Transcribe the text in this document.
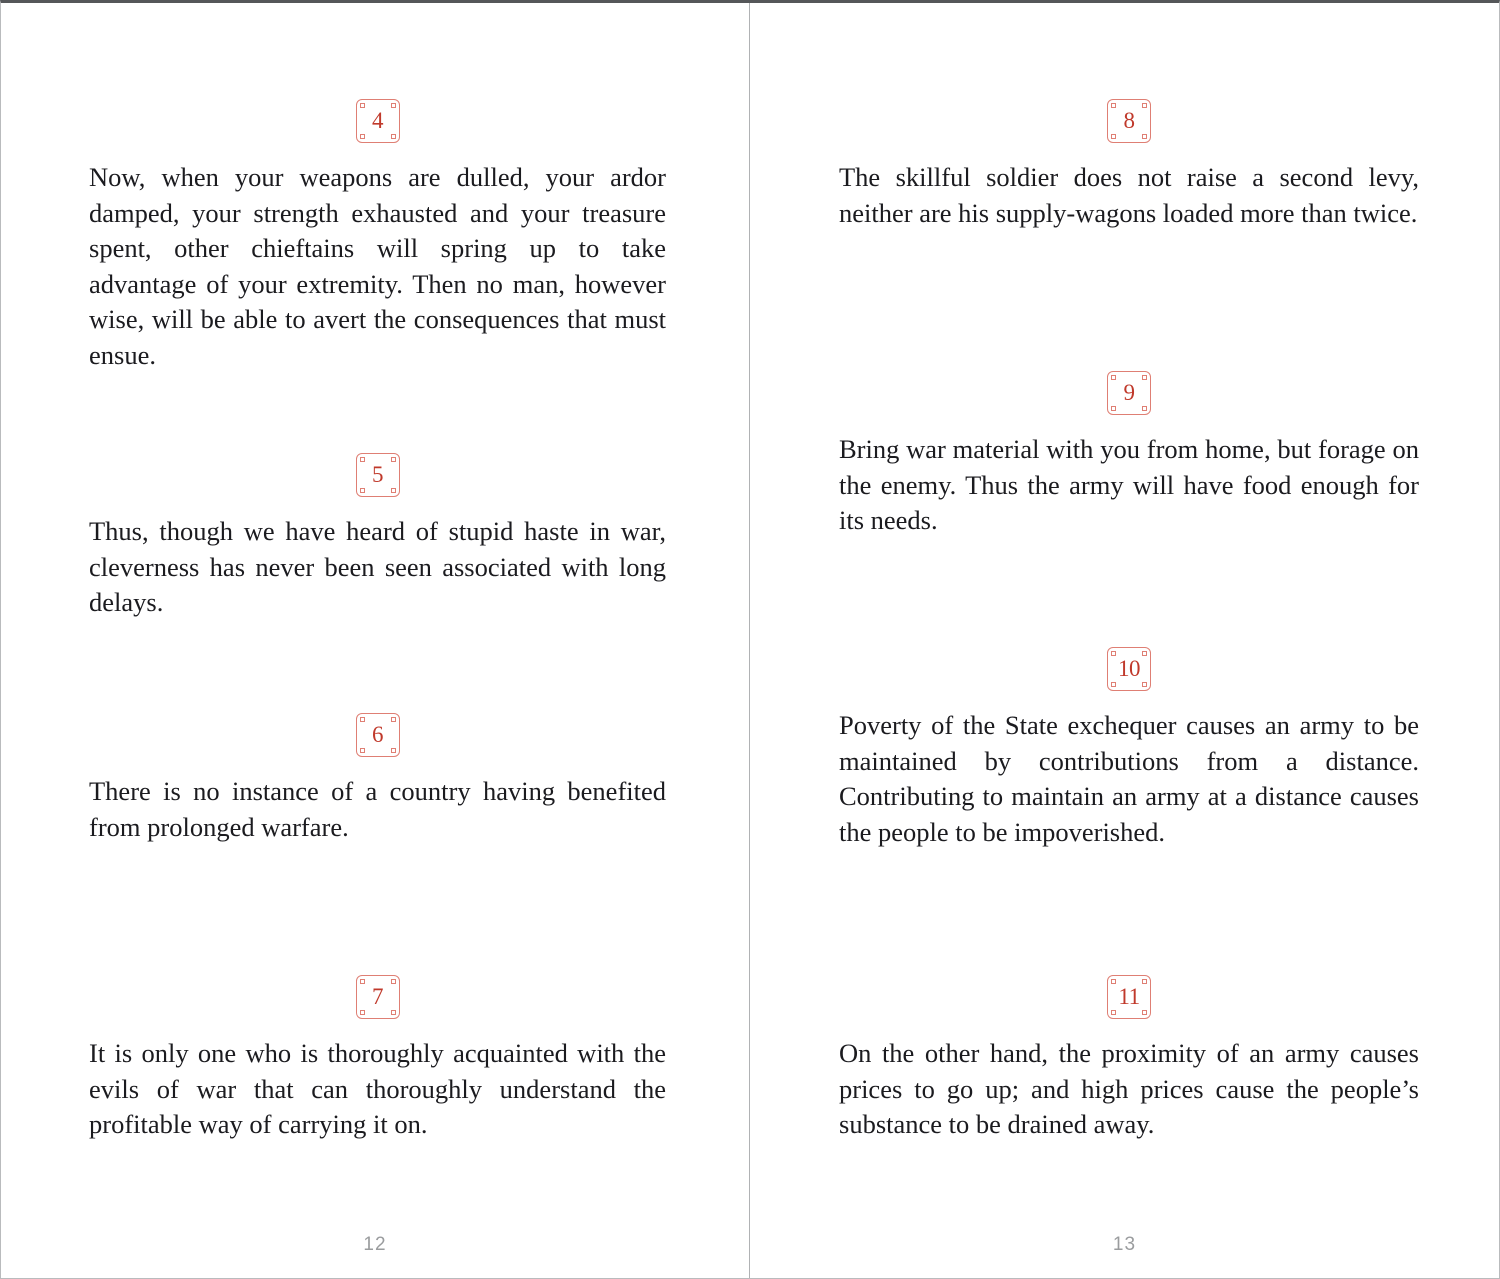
4

Now, when your weapons are dulled, your ardor damped, your strength exhausted and your treasure spent, other chieftains will spring up to take advantage of your extremity. Then no man, however wise, will be able to avert the consequences that must ensue.

5

Thus, though we have heard of stupid haste in war, cleverness has never been seen associated with long delays.

6

There is no instance of a country having benefited from prolonged warfare.

7

It is only one who is thoroughly acquainted with the evils of war that can thoroughly understand the profitable way of carrying it on.

12
8

The skillful soldier does not raise a second levy, neither are his supply-wagons loaded more than twice.

9

Bring war material with you from home, but forage on the enemy. Thus the army will have food enough for its needs.

10

Poverty of the State exchequer causes an army to be maintained by contributions from a distance. Contributing to maintain an army at a distance causes the people to be impoverished.

11

On the other hand, the proximity of an army causes prices to go up; and high prices cause the people’s substance to be drained away.

13
